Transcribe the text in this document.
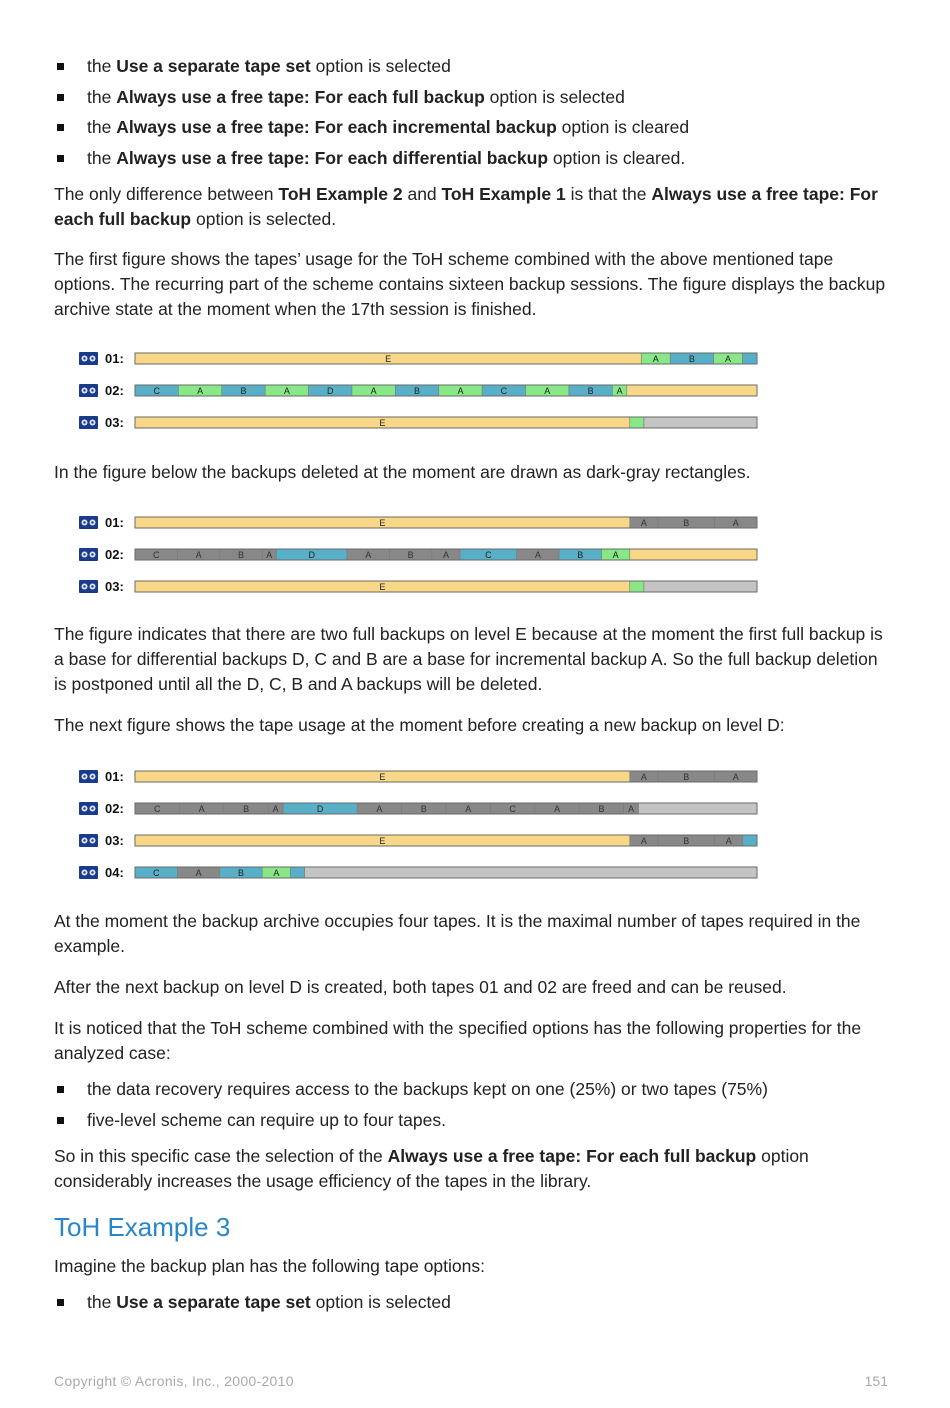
the Use a separate tape set option is selected
the Always use a free tape: For each full backup option is selected
the Always use a free tape: For each incremental backup option is cleared
the Always use a free tape: For each differential backup option is cleared.

The only difference between ToH Example 2 and ToH Example 1 is that the Always use a free tape: For each full backup option is selected.

The first figure shows the tapes’ usage for the ToH scheme combined with the above mentioned tape options. The recurring part of the scheme contains sixteen backup sessions. The figure displays the backup archive state at the moment when the 17th session is finished.

01:	E	A	B	A
02:	C	A	B	A	D	A	B	A	C	A	B	A
03:	E

In the figure below the backups deleted at the moment are drawn as dark-gray rectangles.

01:	E	A	B	A
02:	C	A	B A	D	A	B	A	C	A	B	A
03:	E

The figure indicates that there are two full backups on level E because at the moment the first full backup is a base for differential backups D, C and B are a base for incremental backup A. So the full backup deletion is postponed until all the D, C, B and A backups will be deleted.

The next figure shows the tape usage at the moment before creating a new backup on level D:

01:	E	A	B	A
02:	C	A	B	A	D	A	B	A	C	A	B	A
03:	E	A	B	A
04:	C	A	B	A

At the moment the backup archive occupies four tapes. It is the maximal number of tapes required in the example.

After the next backup on level D is created, both tapes 01 and 02 are freed and can be reused.

It is noticed that the ToH scheme combined with the specified options has the following properties for the analyzed case:

the data recovery requires access to the backups kept on one (25%) or two tapes (75%)
five-level scheme can require up to four tapes.

So in this specific case the selection of the Always use a free tape: For each full backup option considerably increases the usage efficiency of the tapes in the library.

ToH Example 3

Imagine the backup plan has the following tape options:

the Use a separate tape set option is selected
Copyright © Acronis, Inc., 2000-2010	151
